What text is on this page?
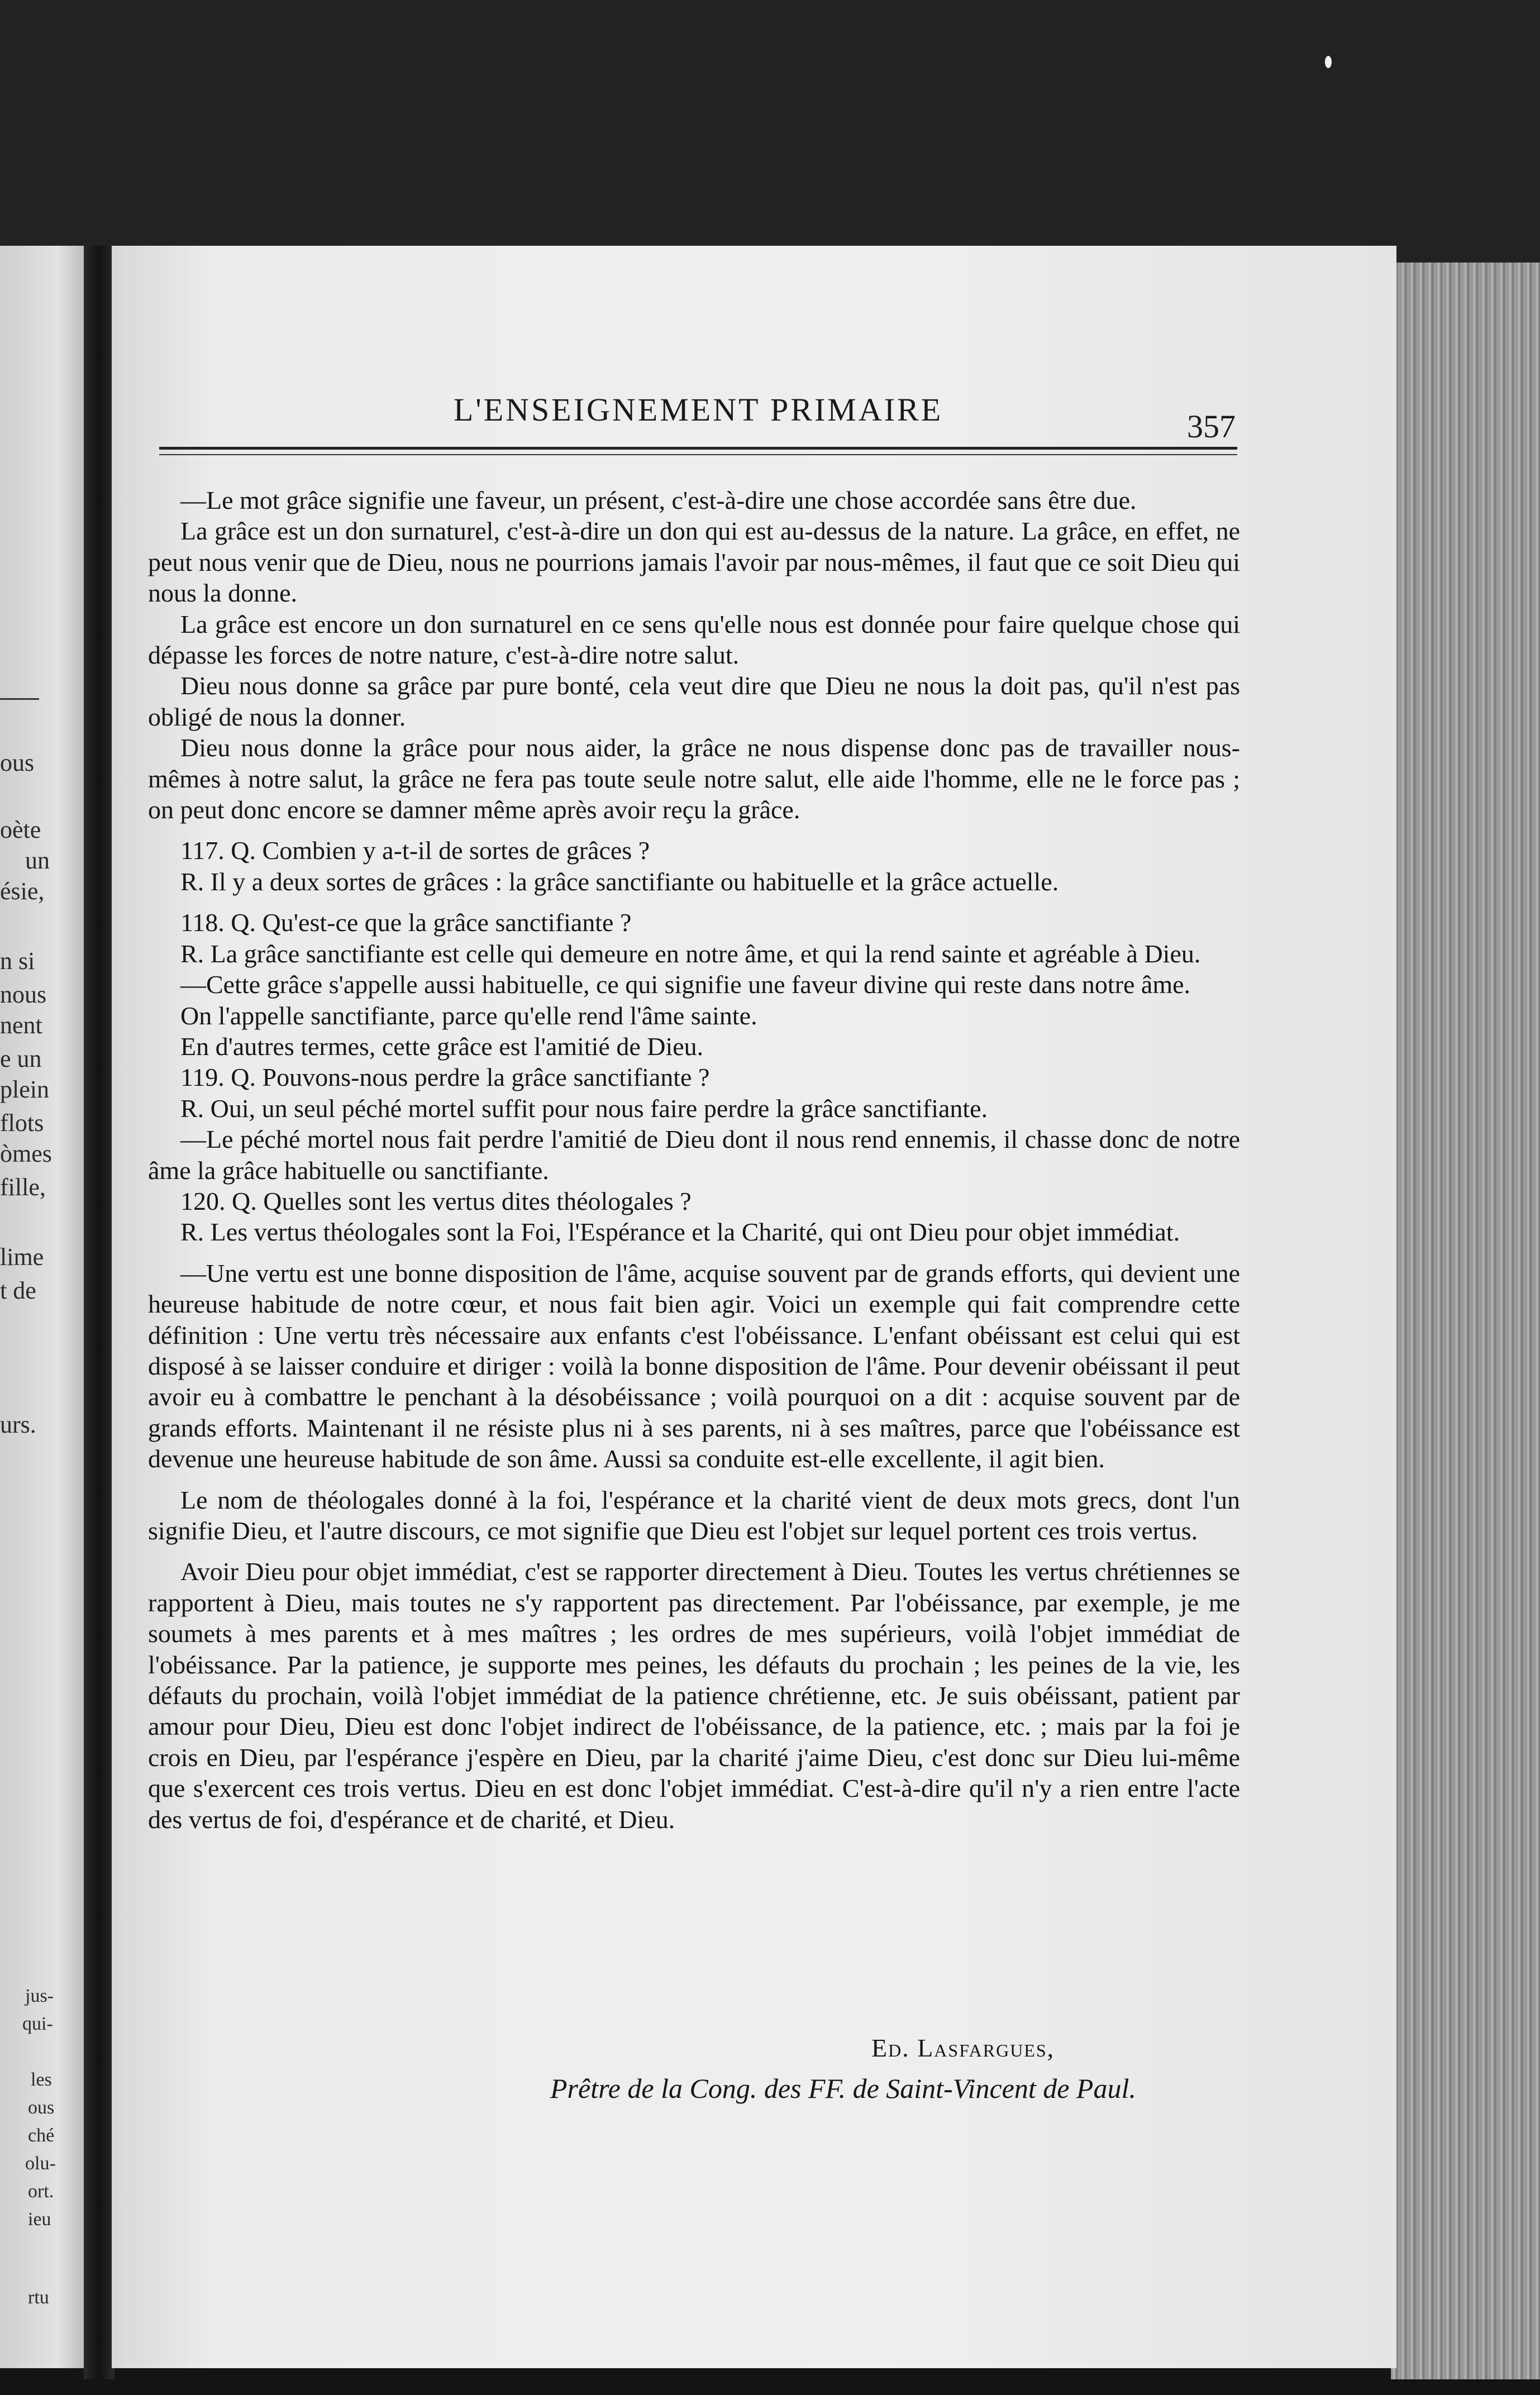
ous
oète
un
ésie,
n si
nous
nent
e un
plein
flots
òmes
fille,
lime
t de
urs.
jus-
qui-
les
ous
ché
olu-
ort.
ieu
rtu
L'ENSEIGNEMENT PRIMAIRE	357

—Le mot grâce signifie une faveur, un présent, c'est-à-dire une chose accordée sans être due.

La grâce est un don surnaturel, c'est-à-dire un don qui est au-dessus de la nature. La grâce, en effet, ne peut nous venir que de Dieu, nous ne pourrions jamais l'avoir par nous-mêmes, il faut que ce soit Dieu qui nous la donne.

La grâce est encore un don surnaturel en ce sens qu'elle nous est donnée pour faire quelque chose qui dépasse les forces de notre nature, c'est-à-dire notre salut.

Dieu nous donne sa grâce par pure bonté, cela veut dire que Dieu ne nous la doit pas, qu'il n'est pas obligé de nous la donner.

Dieu nous donne la grâce pour nous aider, la grâce ne nous dispense donc pas de travailler nous-mêmes à notre salut, la grâce ne fera pas toute seule notre salut, elle aide l'homme, elle ne le force pas ; on peut donc encore se damner même après avoir reçu la grâce.

117. Q. Combien y a-t-il de sortes de grâces ?

R. Il y a deux sortes de grâces : la grâce sanctifiante ou habituelle et la grâce actuelle.

118. Q. Qu'est-ce que la grâce sanctifiante ?

R. La grâce sanctifiante est celle qui demeure en notre âme, et qui la rend sainte et agréable à Dieu.

—Cette grâce s'appelle aussi habituelle, ce qui signifie une faveur divine qui reste dans notre âme.

On l'appelle sanctifiante, parce qu'elle rend l'âme sainte.

En d'autres termes, cette grâce est l'amitié de Dieu.

119. Q. Pouvons-nous perdre la grâce sanctifiante ?

R. Oui, un seul péché mortel suffit pour nous faire perdre la grâce sanctifiante.

—Le péché mortel nous fait perdre l'amitié de Dieu dont il nous rend ennemis, il chasse donc de notre âme la grâce habituelle ou sanctifiante.

120. Q. Quelles sont les vertus dites théologales ?

R. Les vertus théologales sont la Foi, l'Espérance et la Charité, qui ont Dieu pour objet immédiat.

—Une vertu est une bonne disposition de l'âme, acquise souvent par de grands efforts, qui devient une heureuse habitude de notre cœur, et nous fait bien agir. Voici un exemple qui fait comprendre cette définition : Une vertu très nécessaire aux enfants c'est l'obéissance. L'enfant obéissant est celui qui est disposé à se laisser conduire et diriger : voilà la bonne disposition de l'âme. Pour devenir obéissant il peut avoir eu à combattre le penchant à la désobéissance ; voilà pourquoi on a dit : acquise souvent par de grands efforts. Maintenant il ne résiste plus ni à ses parents, ni à ses maîtres, parce que l'obéissance est devenue une heureuse habitude de son âme. Aussi sa conduite est-elle excellente, il agit bien.

Le nom de théologales donné à la foi, l'espérance et la charité vient de deux mots grecs, dont l'un signifie Dieu, et l'autre discours, ce mot signifie que Dieu est l'objet sur lequel portent ces trois vertus.

Avoir Dieu pour objet immédiat, c'est se rapporter directement à Dieu. Toutes les vertus chrétiennes se rapportent à Dieu, mais toutes ne s'y rapportent pas directement. Par l'obéissance, par exemple, je me soumets à mes parents et à mes maîtres ; les ordres de mes supérieurs, voilà l'objet immédiat de l'obéissance. Par la patience, je supporte mes peines, les défauts du prochain ; les peines de la vie, les défauts du prochain, voilà l'objet immédiat de la patience chrétienne, etc. Je suis obéissant, patient par amour pour Dieu, Dieu est donc l'objet indirect de l'obéissance, de la patience, etc. ; mais par la foi je crois en Dieu, par l'espérance j'espère en Dieu, par la charité j'aime Dieu, c'est donc sur Dieu lui-même que s'exercent ces trois vertus. Dieu en est donc l'objet immédiat. C'est-à-dire qu'il n'y a rien entre l'acte des vertus de foi, d'espérance et de charité, et Dieu.

Ed. Lasfargues,
Prêtre de la Cong. des FF. de Saint-Vincent de Paul.
